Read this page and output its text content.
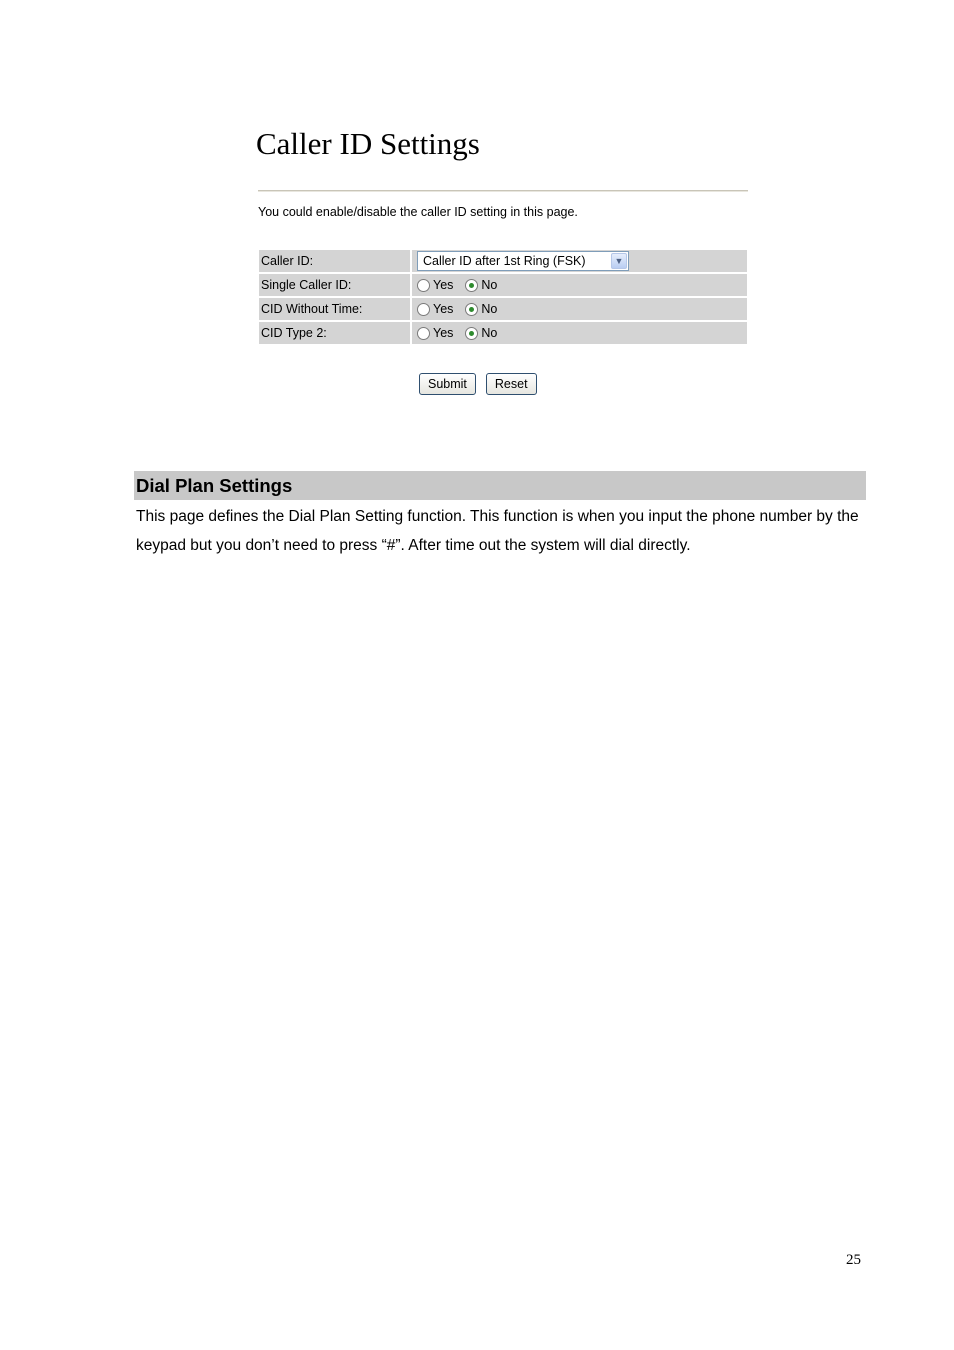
Caller ID Settings
You could enable/disable the caller ID setting in this page.
Caller ID:	Caller ID after 1st Ring (FSK)	▼
Single Caller ID:	Yes No
CID Without Time:	Yes No
CID Type 2:	Yes No
Submit	Reset
Dial Plan Settings
This page defines the Dial Plan Setting function. This function is when you input the phone number by the keypad but you don’t need to press “#”. After time out the system will dial directly.
25
